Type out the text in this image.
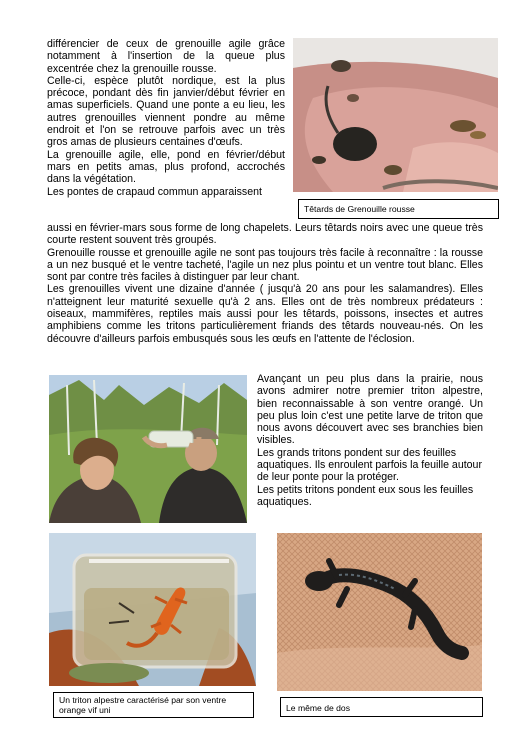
différencier de ceux de grenouille agile grâce notamment à l'insertion de la queue plus excentrée chez la grenouille rousse.

Celle-ci, espèce plutôt nordique, est la plus précoce, pondant dès fin janvier/début février en amas superficiels. Quand une ponte a eu lieu, les autres grenouilles viennent pondre au même endroit et l'on se retrouve parfois avec un très gros amas de plusieurs centaines d'œufs.

La grenouille agile, elle, pond en février/début mars en petits amas, plus profond, accrochés dans la végétation.

Les pontes de crapaud commun apparaissent

aussi en février-mars sous forme de long chapelets. Leurs têtards noirs avec une queue très courte restent souvent très groupés.

Grenouille rousse et grenouille agile ne sont pas toujours très facile à reconnaître : la rousse a un nez busqué et le ventre tacheté, l'agile un nez plus pointu et un ventre tout blanc. Elles sont par contre très faciles à distinguer par leur chant.

Les grenouilles vivent une dizaine d'année ( jusqu'à 20 ans pour les salamandres). Elles n'atteignent leur maturité sexuelle qu'à 2 ans. Elles ont de très nombreux prédateurs : oiseaux, mammifères, reptiles mais aussi pour les têtards, poissons, insectes et autres amphibiens comme les tritons particulièrement friands des têtards nouveau-nés. On les découvre d'ailleurs parfois embusqués sous les œufs en l'attente de l'éclosion.

Avançant un peu plus dans la prairie, nous avons admirer notre premier triton alpestre, bien reconnaissable à son ventre orangé. Un peu plus loin c'est une petite larve de triton que nous avons découvert avec ses branchies bien visibles.

Les grands tritons pondent sur des feuilles aquatiques. Ils enroulent parfois la feuille autour de leur ponte pour la protéger.

Les petits tritons pondent eux sous les feuilles aquatiques.

Têtards de Grenouille rousse
Un triton alpestre caractérisé par son ventre orange vif uni	Le même de dos
